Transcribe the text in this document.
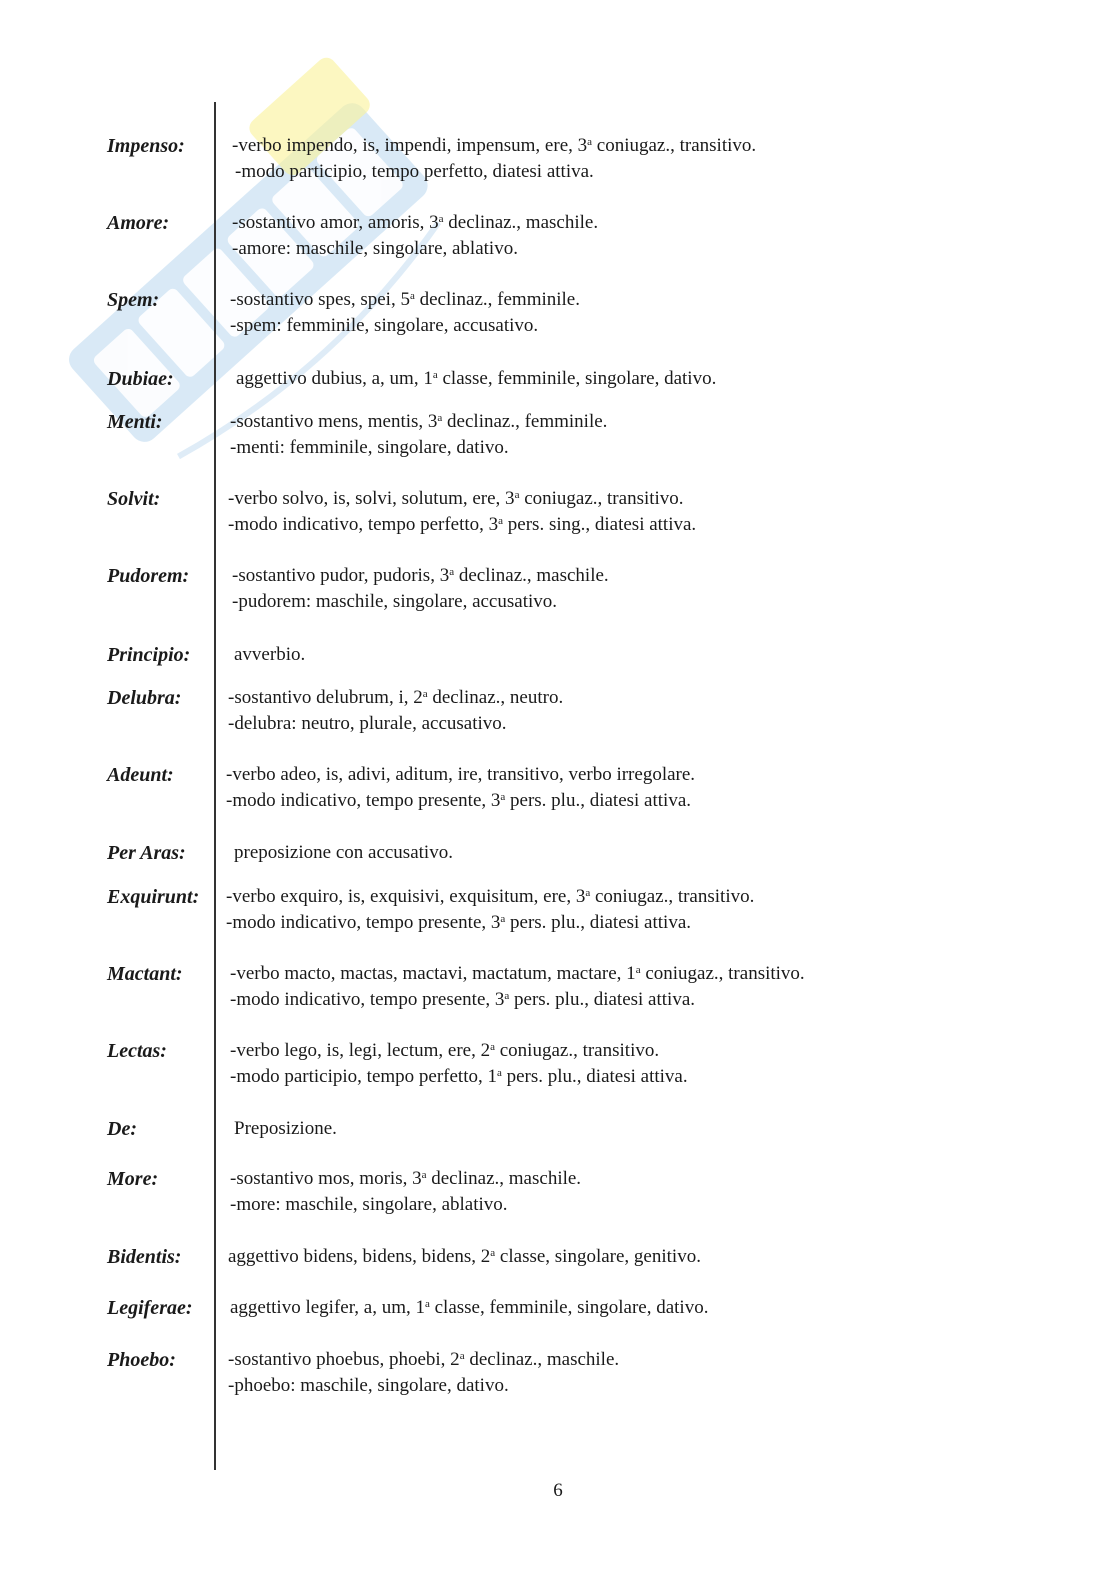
Impenso: -verbo impendo, is, impendi, impensum, ere, 3$^a$ coniugaz., transitivo.
-modo participio, tempo perfetto, diatesi attiva.
Amore:	-sostantivo amor, amoris, 3$^a$ declinaz., maschile.
-amore: maschile, singolare, ablativo.
Spem:	-sostantivo spes, spei, 5$^a$ declinaz., femminile.
-spem: femminile, singolare, accusativo.
Dubiae:	aggettivo dubius, a, um, 1$^a$ classe, femminile, singolare, dativo.
Menti:	-sostantivo mens, mentis, 3$^a$ declinaz., femminile.
-menti: femminile, singolare, dativo.
Solvit:	-verbo solvo, is, solvi, solutum, ere, 3$^a$ coniugaz., transitivo.
-modo indicativo, tempo perfetto, 3$^a$ pers. sing., diatesi attiva.
Pudorem: -sostantivo pudor, pudoris, 3$^a$ declinaz., maschile.
-pudorem: maschile, singolare, accusativo.
Principio: avverbio.
Delubra: -sostantivo delubrum, i, 2$^a$ declinaz., neutro.
-delubra: neutro, plurale, accusativo.
Adeunt:	-verbo adeo, is, adivi, aditum, ire, transitivo, verbo irregolare.
-modo indicativo, tempo presente, 3$^a$ pers. plu., diatesi attiva.
Per Aras:	preposizione con accusativo.
Exquirunt: -verbo exquiro, is, exquisivi, exquisitum, ere, 3$^a$ coniugaz., transitivo.
-modo indicativo, tempo presente, 3$^a$ pers. plu., diatesi attiva.
Mactant: -verbo macto, mactas, mactavi, mactatum, mactare, 1$^a$ coniugaz., transitivo.
-modo indicativo, tempo presente, 3$^a$ pers. plu., diatesi attiva.
Lectas:	-verbo lego, is, legi, lectum, ere, 2$^a$ coniugaz., transitivo.
-modo participio, tempo perfetto, 1$^a$ pers. plu., diatesi attiva.
De:	Preposizione.
More:	-sostantivo mos, moris, 3$^a$ declinaz., maschile.
-more: maschile, singolare, ablativo.
Bidentis: aggettivo bidens, bidens, bidens, 2$^a$ classe, singolare, genitivo.
Legiferae: aggettivo legifer, a, um, 1$^a$ classe, femminile, singolare, dativo.
Phoebo:	-sostantivo phoebus, phoebi, 2$^a$ declinaz., maschile.
-phoebo: maschile, singolare, dativo.
6
